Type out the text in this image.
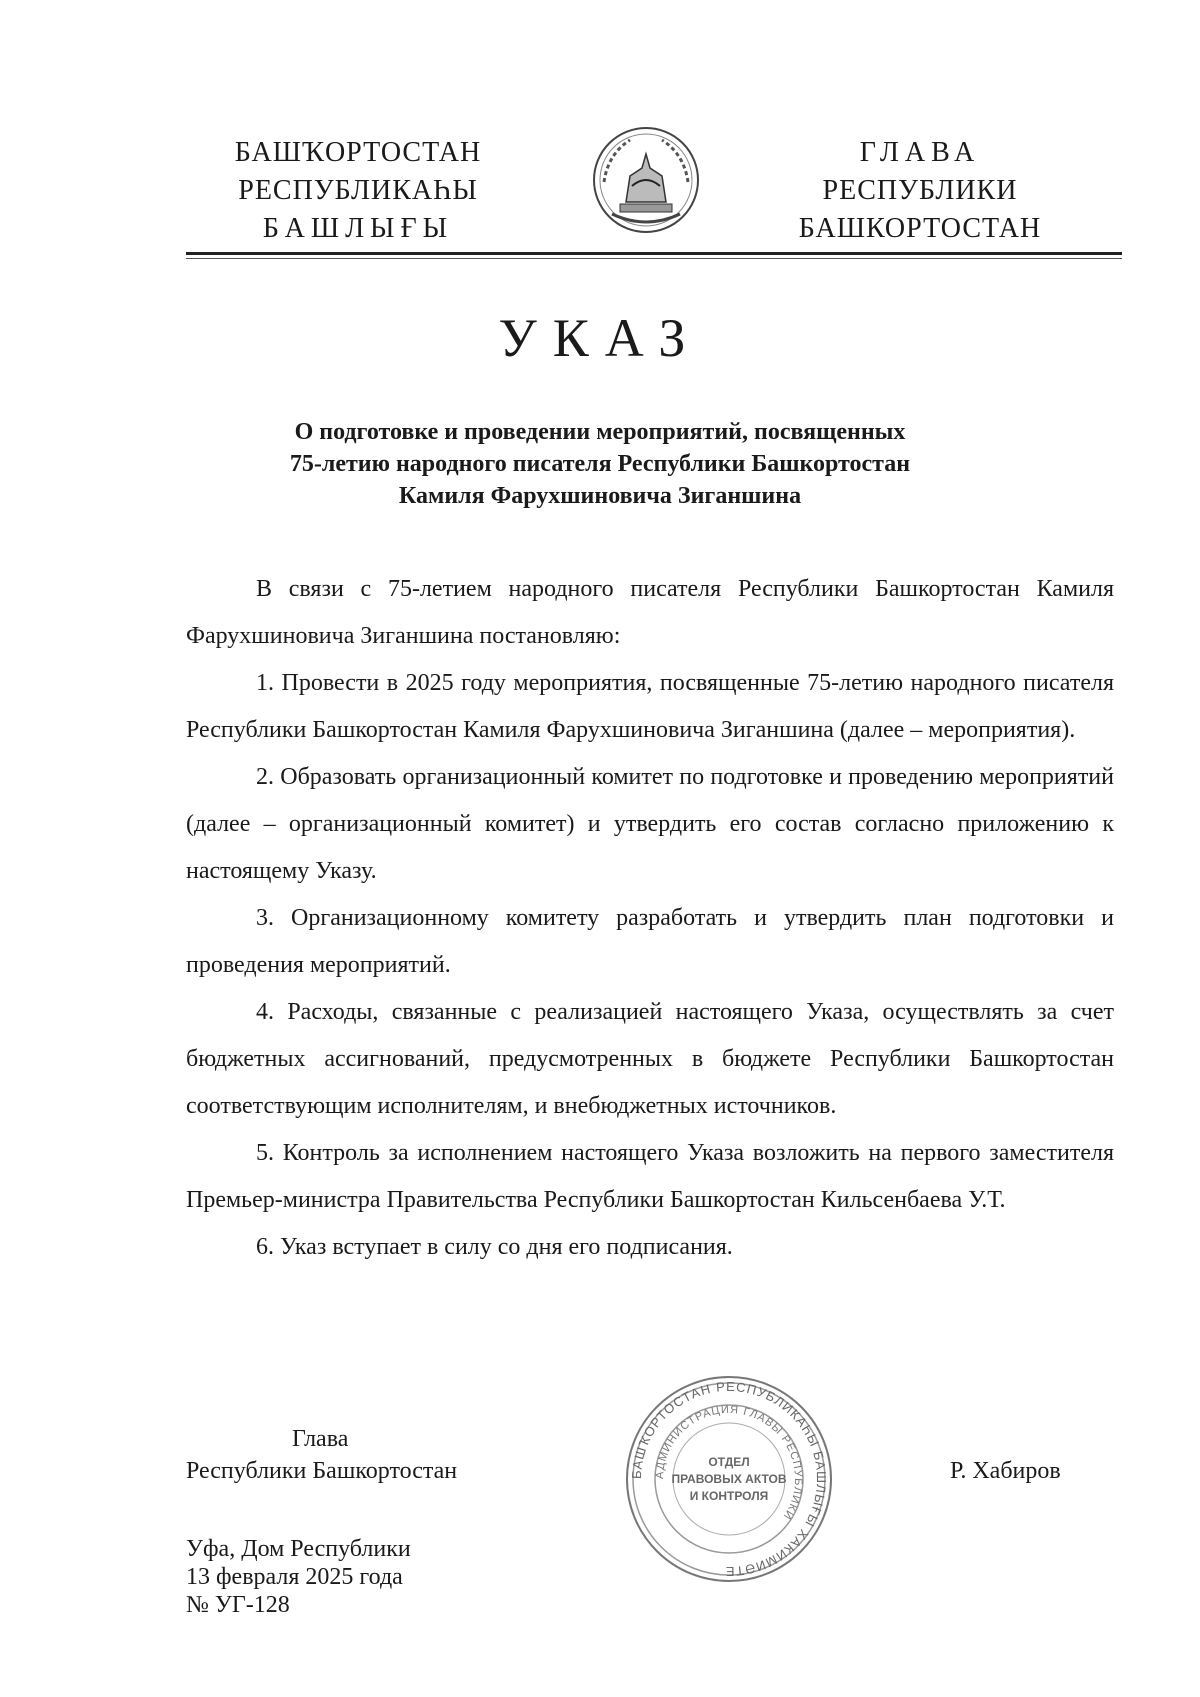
БАШҠОРТОСТАН
РЕСПУБЛИКАҺЫ
БАШЛЫҒЫ
ГЛАВА
РЕСПУБЛИКИ
БАШКОРТОСТАН
УКАЗ
О подготовке и проведении мероприятий, посвященных
75-летию народного писателя Республики Башкортостан
Камиля Фарухшиновича Зиганшина

В связи с 75-летием народного писателя Республики Башкортостан Камиля Фарухшиновича Зиганшина постановляю:

1. Провести в 2025 году мероприятия, посвященные 75-летию народного писателя Республики Башкортостан Камиля Фарухшиновича Зиганшина (далее – мероприятия).

2. Образовать организационный комитет по подготовке и проведению мероприятий (далее – организационный комитет) и утвердить его состав согласно приложению к настоящему Указу.

3. Организационному комитету разработать и утвердить план подготовки и проведения мероприятий.

4. Расходы, связанные с реализацией настоящего Указа, осуществлять за счет бюджетных ассигнований, предусмотренных в бюджете Республики Башкортостан соответствующим исполнителям, и внебюджетных источников.

5. Контроль за исполнением настоящего Указа возложить на первого заместителя Премьер-министра Правительства Республики Башкортостан Кильсенбаева У.Т.

6. Указ вступает в силу со дня его подписания.

Глава
Республики Башкортостан	БАШҠОРТОСТАН РЕСПУБЛИКАҺЫ БАШЛЫҒЫ ХАКИМИӘТЕ
АДМИНИСТРАЦИЯ ГЛАВЫ РЕСПУБЛИКИ
ОТДЕЛ
ПРАВОВЫХ АКТОВ
И КОНТРОЛЯ
Р. Хабиров
Уфа, Дом Республики
13 февраля 2025 года
№ УГ-128
